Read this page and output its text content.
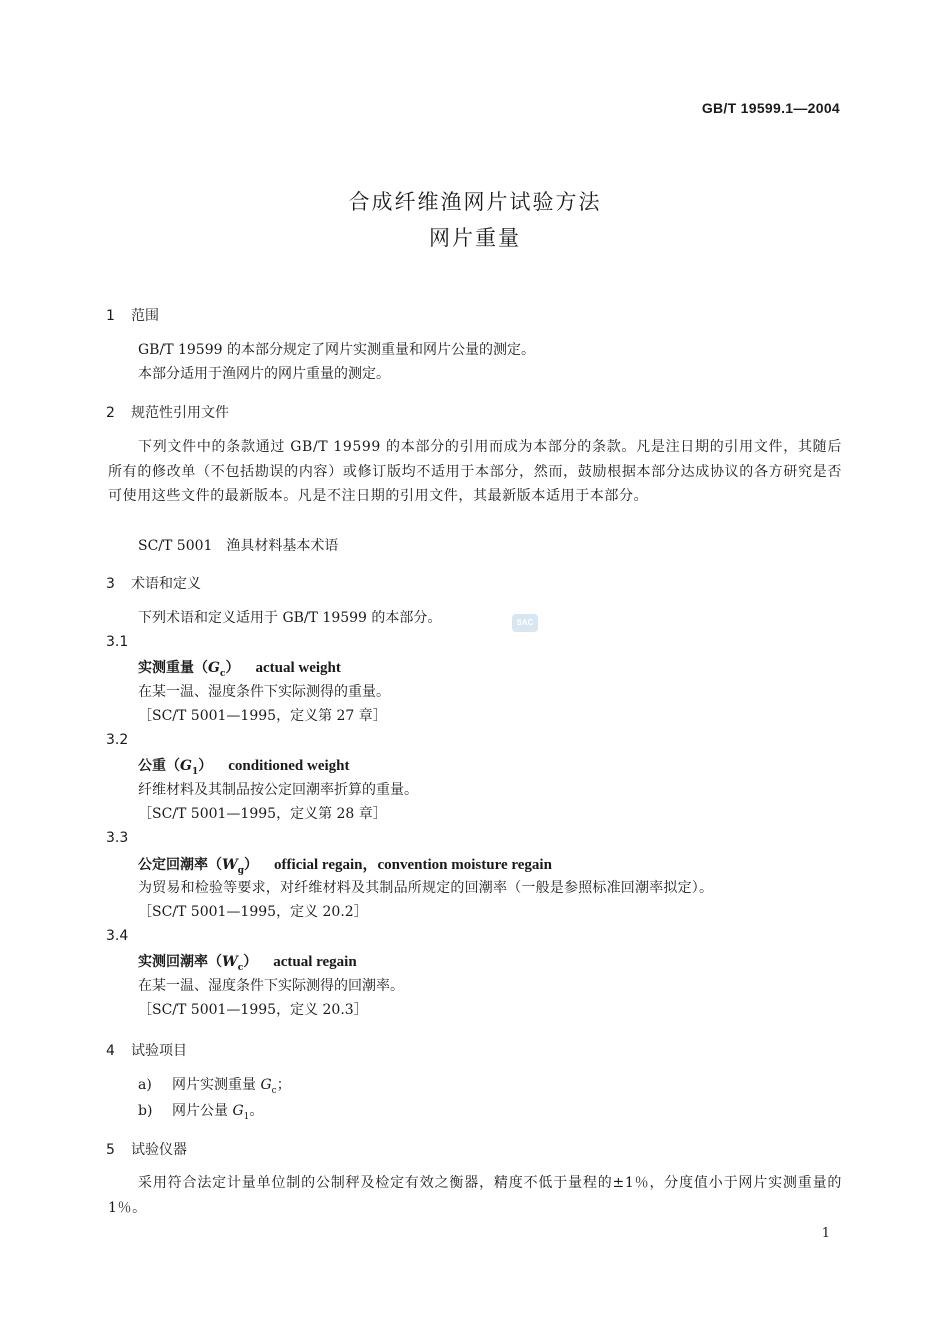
GB/T 19599.1—2004
合成纤维渔网片试验方法
网片重量
1 范围
GB/T 19599 的本部分规定了网片实测重量和网片公量的测定。
本部分适用于渔网片的网片重量的测定。
2 规范性引用文件
下列文件中的条款通过 GB/T 19599 的本部分的引用而成为本部分的条款。凡是注日期的引用文件，其随后所有的修改单（不包括勘误的内容）或修订版均不适用于本部分，然而，鼓励根据本部分达成协议的各方研究是否可使用这些文件的最新版本。凡是不注日期的引用文件，其最新版本适用于本部分。
SC/T 5001　渔具材料基本术语
3 术语和定义
下列术语和定义适用于 GB/T 19599 的本部分。	SAC
3.1
实测重量$(G_c)$ actual weight
在某一温、湿度条件下实际测得的重量。
［SC/T 5001—1995，定义第 27 章］
3.2
公重$(G_1)$ conditioned weight
纤维材料及其制品按公定回潮率折算的重量。
［SC/T 5001—1995，定义第 28 章］
3.3
公定回潮率$(W_g)$ official regain，convention moisture regain
为贸易和检验等要求，对纤维材料及其制品所规定的回潮率（一般是参照标准回潮率拟定）。
［SC/T 5001—1995，定义 20.2］
3.4
实测回潮率$(W_c)$ actual regain
在某一温、湿度条件下实际测得的回潮率。
［SC/T 5001—1995，定义 20.3］
4 试验项目
a) 网片实测重量 $G_c$；
b) 网片公量 $G_1$。
5 试验仪器
采用符合法定计量单位制的公制秤及检定有效之衡器，精度不低于量程的±1％，分度值小于网片实测重量的 1％。
1
